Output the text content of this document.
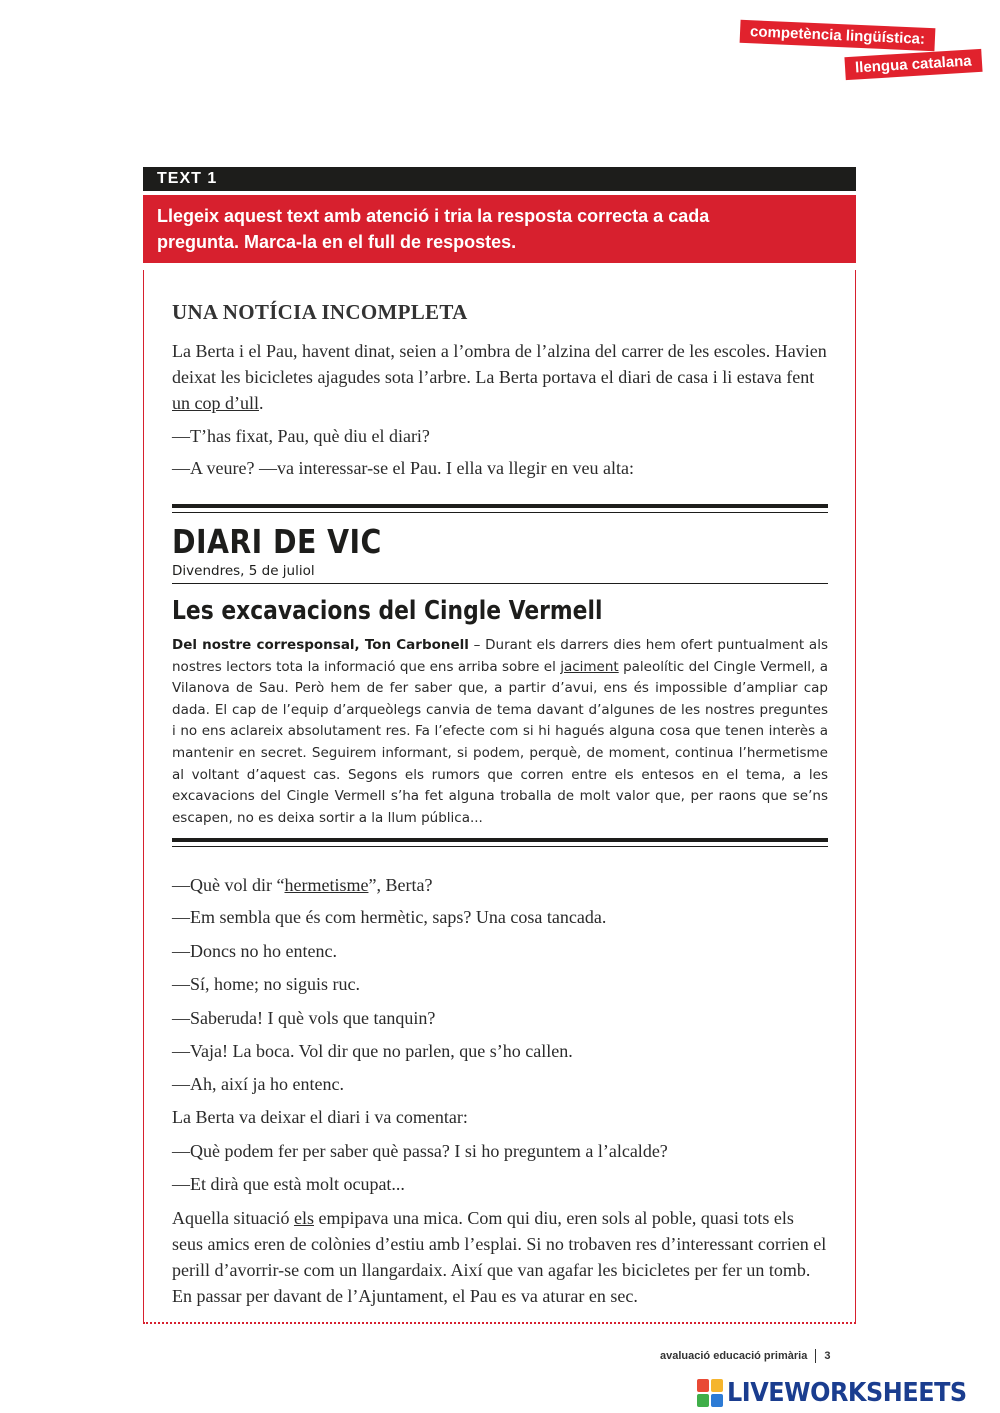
competència lingüística:
llengua catalana
TEXT 1
Llegeix aquest text amb atenció i tria la resposta correcta a cada
pregunta. Marca-la en el full de respostes.
UNA NOTÍCIA INCOMPLETA

La Berta i el Pau, havent dinat, seien a l’ombra de l’alzina del carrer de les escoles. Havien deixat les bicicletes ajagudes sota l’arbre. La Berta portava el diari de casa i li estava fent un cop d’ull.

—T’has fixat, Pau, què diu el diari?

—A veure? —va interessar-se el Pau. I ella va llegir en veu alta:

DIARI DE VIC
Divendres, 5 de juliol
Les excavacions del Cingle Vermell

Del nostre corresponsal, Ton Carbonell – Durant els darrers dies hem ofert puntualment als nostres lectors tota la informació que ens arriba sobre el jaciment paleolític del Cingle Vermell, a Vilanova de Sau. Però hem de fer saber que, a partir d’avui, ens és impossible d’ampliar cap dada. El cap de l’equip d’arqueòlegs canvia de tema davant d’algunes de les nostres preguntes i no ens aclareix absolutament res. Fa l’efecte com si hi hagués alguna cosa que tenen interès a mantenir en secret. Seguirem informant, si podem, perquè, de moment, continua l’hermetisme al voltant d’aquest cas. Segons els rumors que corren entre els entesos en el tema, a les excavacions del Cingle Vermell s’ha fet alguna troballa de molt valor que, per raons que se’ns escapen, no es deixa sortir a la llum pública...

—Què vol dir “hermetisme”, Berta?

—Em sembla que és com hermètic, saps? Una cosa tancada.

—Doncs no ho entenc.

—Sí, home; no siguis ruc.

—Saberuda! I què vols que tanquin?

—Vaja! La boca. Vol dir que no parlen, que s’ho callen.

—Ah, així ja ho entenc.

La Berta va deixar el diari i va comentar:

—Què podem fer per saber què passa? I si ho preguntem a l’alcalde?

—Et dirà que està molt ocupat...

Aquella situació els empipava una mica. Com qui diu, eren sols al poble, quasi tots els seus amics eren de colònies d’estiu amb l’esplai. Si no trobaven res d’interessant corrien el perill d’avorrir-se com un llangardaix. Així que van agafar les bicicletes per fer un tomb. En passar per davant de l’Ajuntament, el Pau es va aturar en sec.

avaluació educació primària 3
LIVEWORKSHEETS
